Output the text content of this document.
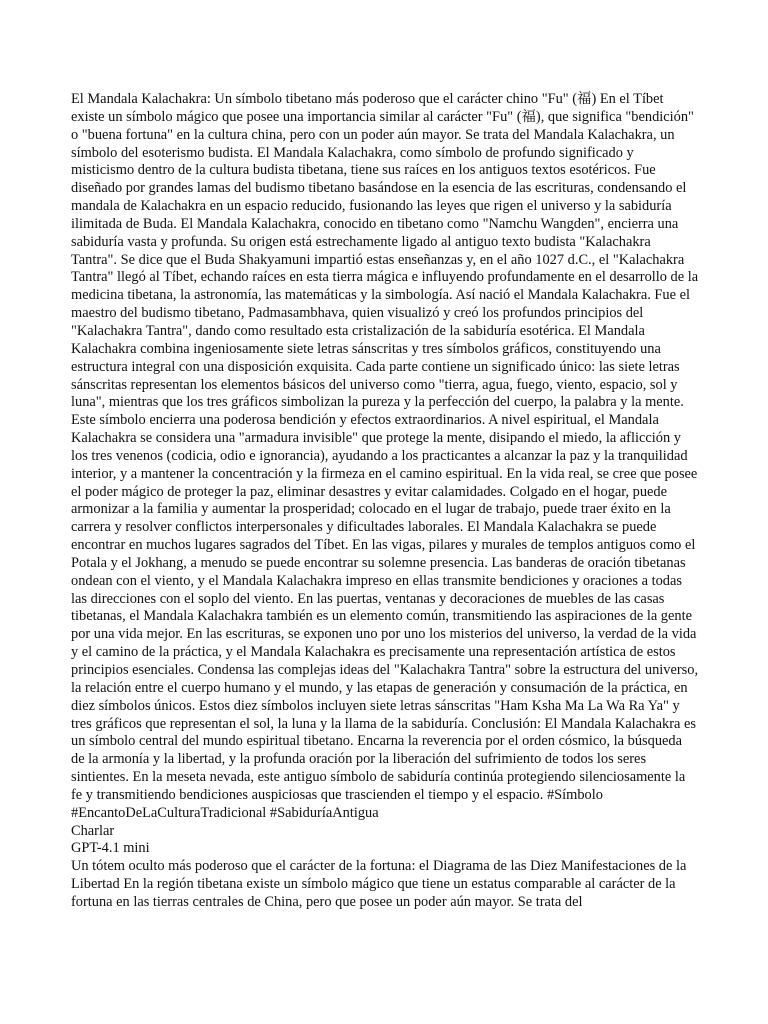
El Mandala Kalachakra: Un símbolo tibetano más poderoso que el carácter chino "Fu" (福) En el Tíbet existe un símbolo mágico que posee una importancia similar al carácter "Fu" (福), que significa "bendición" o "buena fortuna" en la cultura china, pero con un poder aún mayor. Se trata del Mandala Kalachakra, un símbolo del esoterismo budista. El Mandala Kalachakra, como símbolo de profundo significado y misticismo dentro de la cultura budista tibetana, tiene sus raíces en los antiguos textos esotéricos. Fue diseñado por grandes lamas del budismo tibetano basándose en la esencia de las escrituras, condensando el mandala de Kalachakra en un espacio reducido, fusionando las leyes que rigen el universo y la sabiduría ilimitada de Buda. El Mandala Kalachakra, conocido en tibetano como "Namchu Wangden", encierra una sabiduría vasta y profunda. Su origen está estrechamente ligado al antiguo texto budista "Kalachakra Tantra". Se dice que el Buda Shakyamuni impartió estas enseñanzas y, en el año 1027 d.C., el "Kalachakra Tantra" llegó al Tíbet, echando raíces en esta tierra mágica e influyendo profundamente en el desarrollo de la medicina tibetana, la astronomía, las matemáticas y la simbología. Así nació el Mandala Kalachakra. Fue el maestro del budismo tibetano, Padmasambhava, quien visualizó y creó los profundos principios del "Kalachakra Tantra", dando como resultado esta cristalización de la sabiduría esotérica. El Mandala Kalachakra combina ingeniosamente siete letras sánscritas y tres símbolos gráficos, constituyendo una estructura integral con una disposición exquisita. Cada parte contiene un significado único: las siete letras sánscritas representan los elementos básicos del universo como "tierra, agua, fuego, viento, espacio, sol y luna", mientras que los tres gráficos simbolizan la pureza y la perfección del cuerpo, la palabra y la mente. Este símbolo encierra una poderosa bendición y efectos extraordinarios. A nivel espiritual, el Mandala Kalachakra se considera una "armadura invisible" que protege la mente, disipando el miedo, la aflicción y los tres venenos (codicia, odio e ignorancia), ayudando a los practicantes a alcanzar la paz y la tranquilidad interior, y a mantener la concentración y la firmeza en el camino espiritual. En la vida real, se cree que posee el poder mágico de proteger la paz, eliminar desastres y evitar calamidades. Colgado en el hogar, puede armonizar a la familia y aumentar la prosperidad; colocado en el lugar de trabajo, puede traer éxito en la carrera y resolver conflictos interpersonales y dificultades laborales. El Mandala Kalachakra se puede encontrar en muchos lugares sagrados del Tíbet. En las vigas, pilares y murales de templos antiguos como el Potala y el Jokhang, a menudo se puede encontrar su solemne presencia. Las banderas de oración tibetanas ondean con el viento, y el Mandala Kalachakra impreso en ellas transmite bendiciones y oraciones a todas las direcciones con el soplo del viento. En las puertas, ventanas y decoraciones de muebles de las casas tibetanas, el Mandala Kalachakra también es un elemento común, transmitiendo las aspiraciones de la gente por una vida mejor. En las escrituras, se exponen uno por uno los misterios del universo, la verdad de la vida y el camino de la práctica, y el Mandala Kalachakra es precisamente una representación artística de estos principios esenciales. Condensa las complejas ideas del "Kalachakra Tantra" sobre la estructura del universo, la relación entre el cuerpo humano y el mundo, y las etapas de generación y consumación de la práctica, en diez símbolos únicos. Estos diez símbolos incluyen siete letras sánscritas "Ham Ksha Ma La Wa Ra Ya" y tres gráficos que representan el sol, la luna y la llama de la sabiduría. Conclusión: El Mandala Kalachakra es un símbolo central del mundo espiritual tibetano. Encarna la reverencia por el orden cósmico, la búsqueda de la armonía y la libertad, y la profunda oración por la liberación del sufrimiento de todos los seres sintientes. En la meseta nevada, este antiguo símbolo de sabiduría continúa protegiendo silenciosamente la fe y transmitiendo bendiciones auspiciosas que trascienden el tiempo y el espacio. #Símbolo #EncantoDeLaCulturaTradicional #SabiduríaAntigua

Charlar

GPT-4.1 mini

Un tótem oculto más poderoso que el carácter de la fortuna: el Diagrama de las Diez Manifestaciones de la Libertad En la región tibetana existe un símbolo mágico que tiene un estatus comparable al carácter de la fortuna en las tierras centrales de China, pero que posee un poder aún mayor. Se trata del
